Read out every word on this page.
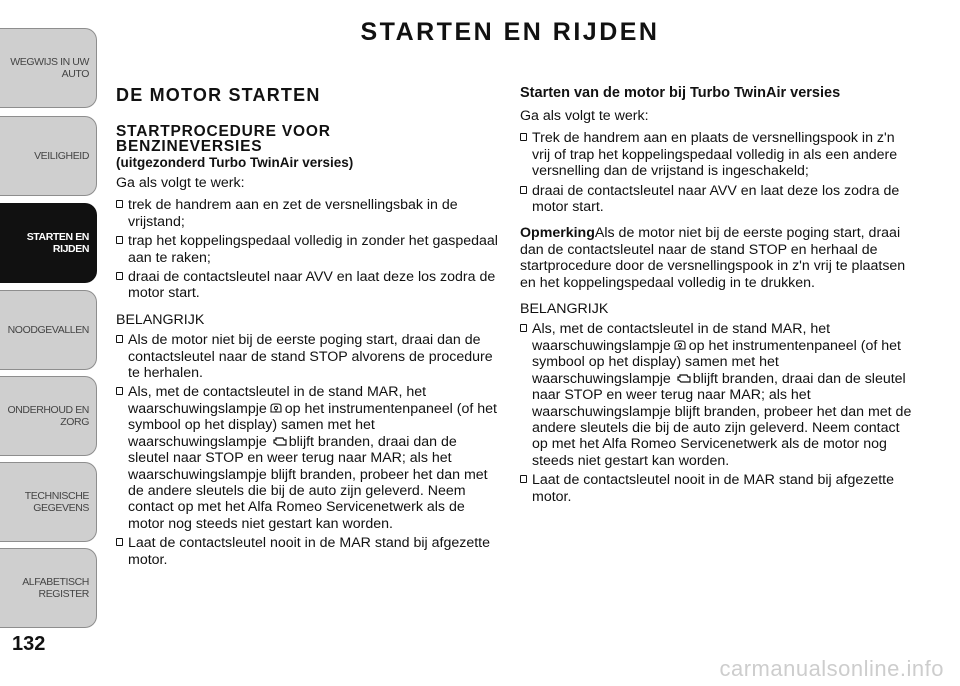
WEGWIJS IN UW
AUTO
VEILIGHEID
STARTEN EN
RIJDEN
NOODGEVALLEN
ONDERHOUD EN
ZORG
TECHNISCHE
GEGEVENS
ALFABETISCH
REGISTER
132
STARTEN EN RIJDEN
DE MOTOR STARTEN
STARTPROCEDURE VOOR
BENZINEVERSIES
(uitgezonderd Turbo TwinAir versies)
Ga als volgt te werk:
trek de handrem aan en zet de versnellingsbak in de vrijstand;
trap het koppelingspedaal volledig in zonder het gaspedaal aan te raken;
draai de contactsleutel naar AVV en laat deze los zodra de motor start.
BELANGRIJK
Als de motor niet bij de eerste poging start, draai dan de contactsleutel naar de stand STOP alvorens de procedure te herhalen.
Als, met de contactsleutel in de stand MAR, het waarschuwingslampje op het instrumentenpaneel (of het symbool op het display) samen met het waarschuwingslampje blijft branden, draai dan de sleutel naar STOP en weer terug naar MAR; als het waarschuwingslampje blijft branden, probeer het dan met de andere sleutels die bij de auto zijn geleverd. Neem contact op met het Alfa Romeo Servicenetwerk als de motor nog steeds niet gestart kan worden.
Laat de contactsleutel nooit in de MAR stand bij afgezette motor.
Starten van de motor bij Turbo TwinAir versies
Ga als volgt te werk:
Trek de handrem aan en plaats de versnellingspook in z'n vrij of trap het koppelingspedaal volledig in als een andere versnelling dan de vrijstand is ingeschakeld;
draai de contactsleutel naar AVV en laat deze los zodra de motor start.
OpmerkingAls de motor niet bij de eerste poging start, draai dan de contactsleutel naar de stand STOP en herhaal de startprocedure door de versnellingspook in z'n vrij te plaatsen en het koppelingspedaal volledig in te drukken.
BELANGRIJK
Als, met de contactsleutel in de stand MAR, het waarschuwingslampje op het instrumentenpaneel (of het symbool op het display) samen met het waarschuwingslampje blijft branden, draai dan de sleutel naar STOP en weer terug naar MAR; als het waarschuwingslampje blijft branden, probeer het dan met de andere sleutels die bij de auto zijn geleverd. Neem contact op met het Alfa Romeo Servicenetwerk als de motor nog steeds niet gestart kan worden.
Laat de contactsleutel nooit in de MAR stand bij afgezette motor.
carmanualsonline.info
